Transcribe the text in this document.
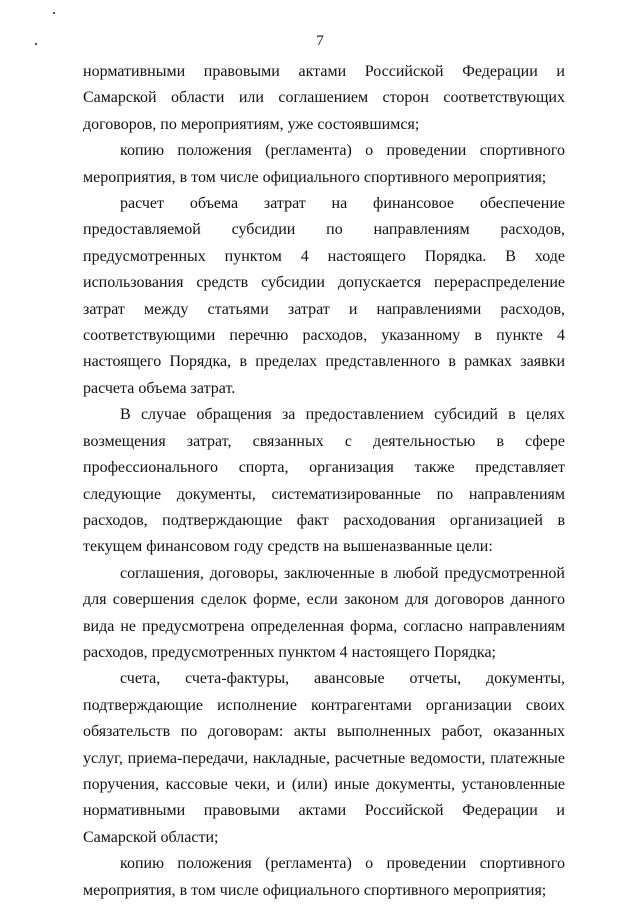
7

нормативными правовыми актами Российской Федерации и Самарской области или соглашением сторон соответствующих договоров, по мероприятиям, уже состоявшимся;

копию положения (регламента) о проведении спортивного мероприятия, в том числе официального спортивного мероприятия;

расчет объема затрат на финансовое обеспечение предоставляемой субсидии по направлениям расходов, предусмотренных пунктом 4 настоящего Порядка. В ходе использования средств субсидии допускается перераспределение затрат между статьями затрат и направлениями расходов, соответствующими перечню расходов, указанному в пункте 4 настоящего Порядка, в пределах представленного в рамках заявки расчета объема затрат.

В случае обращения за предоставлением субсидий в целях возмещения затрат, связанных с деятельностью в сфере профессионального спорта, организация также представляет следующие документы, систематизированные по направлениям расходов, подтверждающие факт расходования организацией в текущем финансовом году средств на вышеназванные цели:

соглашения, договоры, заключенные в любой предусмотренной для совершения сделок форме, если законом для договоров данного вида не предусмотрена определенная форма, согласно направлениям расходов, предусмотренных пунктом 4 настоящего Порядка;

счета, счета-фактуры, авансовые отчеты, документы, подтверждающие исполнение контрагентами организации своих обязательств по договорам: акты выполненных работ, оказанных услуг, приема-передачи, накладные, расчетные ведомости, платежные поручения, кассовые чеки, и (или) иные документы, установленные нормативными правовыми актами Российской Федерации и Самарской области;

копию положения (регламента) о проведении спортивного мероприятия, в том числе официального спортивного мероприятия;
